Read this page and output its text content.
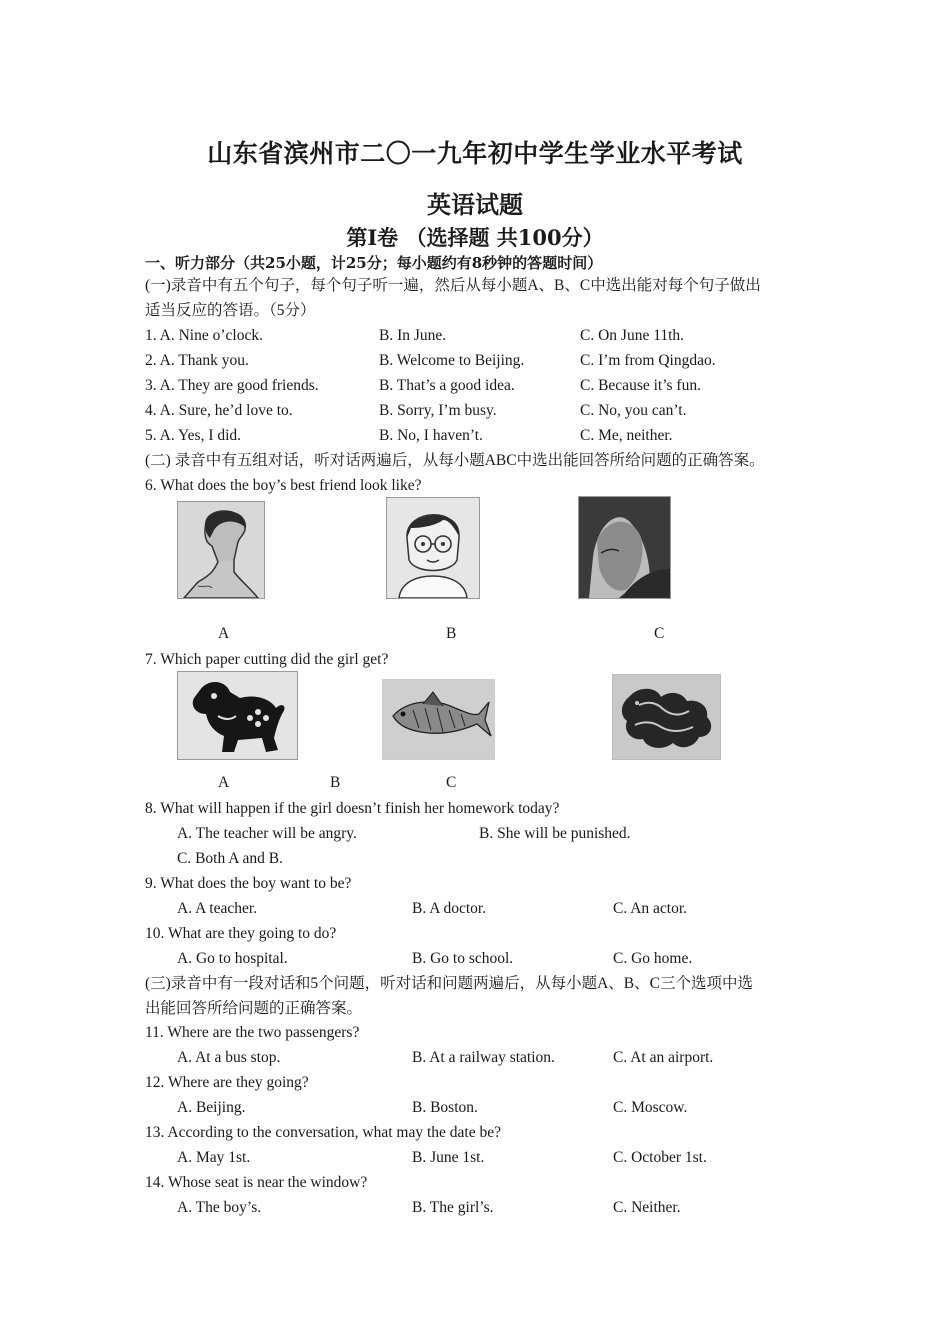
山东省滨州市二〇一九年初中学生学业水平考试
英语试题
第Ⅰ卷 （选择题 共100分）
一、听力部分（共25小题，计25分；每小题约有8秒钟的答题时间）
(一)录音中有五个句子，每个句子听一遍，然后从每小题A、B、C中选出能对每个句子做出
适当反应的答语。（5分）
1. A. Nine o’clock.	B. In June.	C. On June 11th.
2. A. Thank you.	B. Welcome to Beijing.	C. I’m from Qingdao.
3. A. They are good friends.	B. That’s a good idea.	C. Because it’s fun.
4. A. Sure, he’d love to.	B. Sorry, I’m busy.	C. No, you can’t.
5. A. Yes, I did.	B. No, I haven’t.	C. Me, neither.
(二) 录音中有五组对话，听对话两遍后，从每小题ABC中选出能回答所给问题的正确答案。
6. What does the boy’s best friend look like?
A	B	C
7. Which paper cutting did the girl get?
A	B	C
8. What will happen if the girl doesn’t finish her homework today?
A. The teacher will be angry.	B. She will be punished.
C. Both A and B.
9. What does the boy want to be?
A. A teacher.	B. A doctor.	C. An actor.
10. What are they going to do?
A. Go to hospital.	B. Go to school.	C. Go home.
(三)录音中有一段对话和5个问题，听对话和问题两遍后，从每小题A、B、C三个选项中选
出能回答所给问题的正确答案。
11. Where are the two passengers?
A. At a bus stop.	B. At a railway station.	C. At an airport.
12. Where are they going?
A. Beijing.	B. Boston.	C. Moscow.
13. According to the conversation, what may the date be?
A. May 1st.	B. June 1st.	C. October 1st.
14. Whose seat is near the window?
A. The boy’s.	B. The girl’s.	C. Neither.
